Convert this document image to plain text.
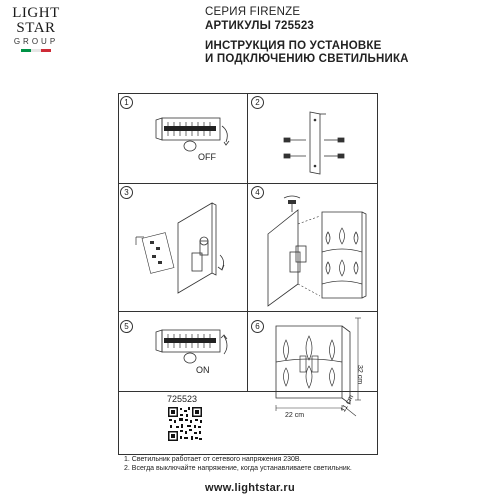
LIGHT
STAR
GROUP
СЕРИЯ FIRENZE
АРТИКУЛЫ 725523
ИНСТРУКЦИЯ ПО УСТАНОВКЕ
И ПОДКЛЮЧЕНИЮ СВЕТИЛЬНИКА
1	2
3	4
5	6
OFF
ON
22 cm
11 cm
32 cm
725523
1. Светильник работает от сетевого напряжения 230В.
2. Всегда выключайте напряжение, когда устанавливаете светильник.
www.lightstar.ru
